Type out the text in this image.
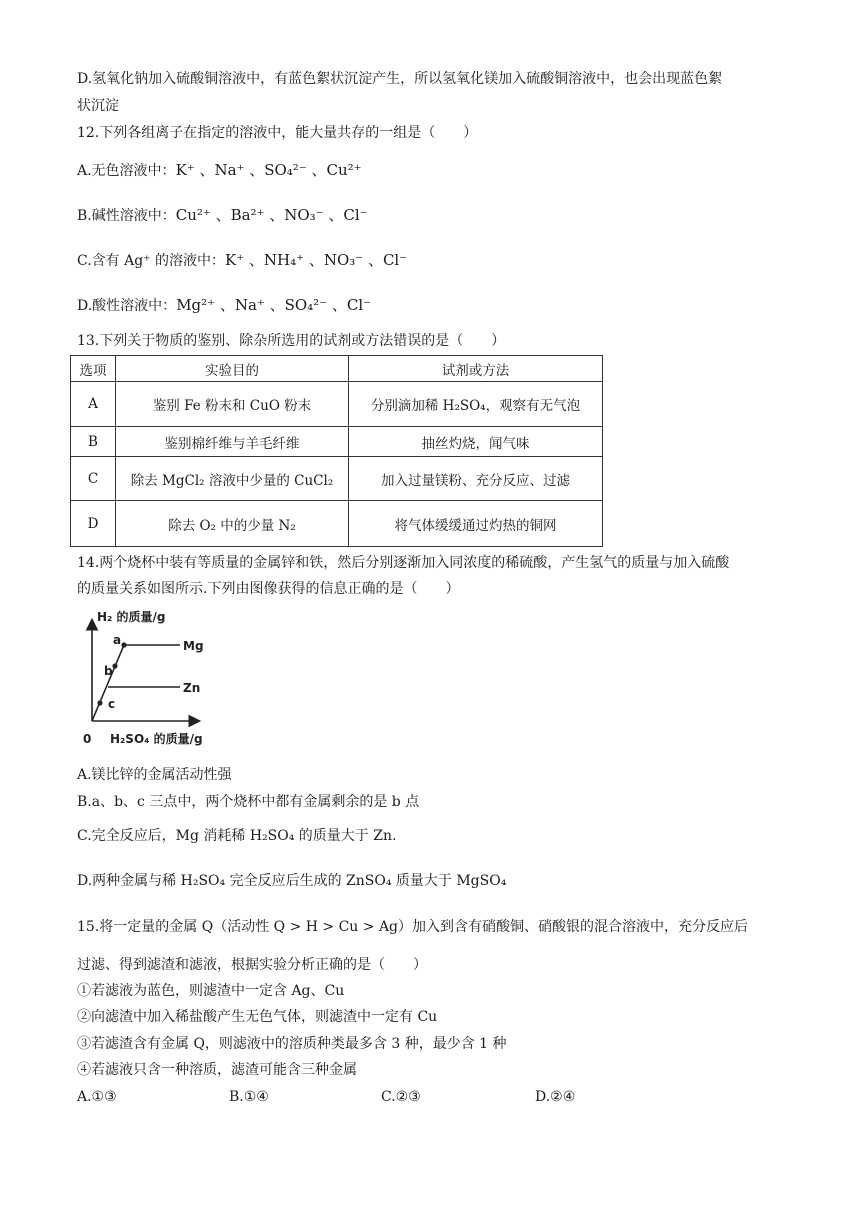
D.氢氧化钠加入硫酸铜溶液中，有蓝色絮状沉淀产生，所以氢氧化镁加入硫酸铜溶液中，也会出现蓝色絮
状沉淀
12.下列各组离子在指定的溶液中，能大量共存的一组是（　　）
A.无色溶液中：K⁺ 、Na⁺ 、SO₄²⁻ 、Cu²⁺
B.碱性溶液中：Cu²⁺ 、Ba²⁺ 、NO₃⁻ 、Cl⁻
C.含有 Ag⁺ 的溶液中：K⁺ 、NH₄⁺ 、NO₃⁻ 、Cl⁻
D.酸性溶液中：Mg²⁺ 、Na⁺ 、SO₄²⁻ 、Cl⁻
13.下列关于物质的鉴别、除杂所选用的试剂或方法错误的是（　　）
选项	实验目的	试剂或方法
A	鉴别 Fe 粉末和 CuO 粉末	分别滴加稀 H₂SO₄，观察有无气泡
B	鉴别棉纤维与羊毛纤维	抽丝灼烧，闻气味
C	除去 MgCl₂ 溶液中少量的 CuCl₂	加入过量镁粉、充分反应、过滤
D	除去 O₂ 中的少量 N₂	将气体缓缓通过灼热的铜网
14.两个烧杯中装有等质量的金属锌和铁，然后分别逐渐加入同浓度的稀硫酸，产生氢气的质量与加入硫酸
的质量关系如图所示.下列由图像获得的信息正确的是（　　）
H₂ 的质量/g
0 H₂SO₄ 的质量/g
a
b
c
Mg
Zn
A.镁比锌的金属活动性强
B.a、b、c 三点中，两个烧杯中都有金属剩余的是 b 点
C.完全反应后，Mg 消耗稀 H₂SO₄ 的质量大于 Zn.
D.两种金属与稀 H₂SO₄ 完全反应后生成的 ZnSO₄ 质量大于 MgSO₄
15.将一定量的金属 Q（活动性 Q > H > Cu > Ag）加入到含有硝酸铜、硝酸银的混合溶液中，充分反应后
过滤、得到滤渣和滤液，根据实验分析正确的是（　　）
①若滤液为蓝色，则滤渣中一定含 Ag、Cu
②向滤渣中加入稀盐酸产生无色气体，则滤渣中一定有 Cu
③若滤渣含有金属 Q，则滤液中的溶质种类最多含 3 种，最少含 1 种
④若滤液只含一种溶质，滤渣可能含三种金属
A.①③	B.①④	C.②③	D.②④
